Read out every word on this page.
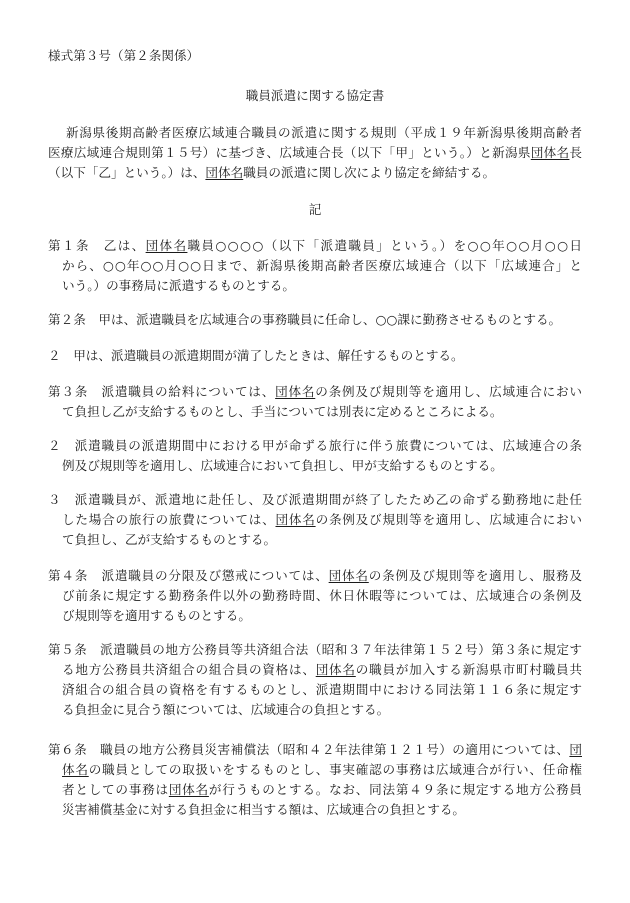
様式第３号（第２条関係）
職員派遣に関する協定書
新潟県後期高齢者医療広域連合職員の派遣に関する規則（平成１９年新潟県後期高齢者
医療広域連合規則第１５号）に基づき、広域連合長（以下「甲」という。）と新潟県団体名長
（以下「乙」という。）は、団体名職員の派遣に関し次により協定を締結する。
記
第１条　乙は、団体名職員○○○○（以下「派遣職員」という。）を○○年○○月○○日
から、○○年○○月○○日まで、新潟県後期高齢者医療広域連合（以下「広域連合」と
いう。）の事務局に派遣するものとする。
第２条　甲は、派遣職員を広域連合の事務職員に任命し、○○課に勤務させるものとする。
２　甲は、派遣職員の派遣期間が満了したときは、解任するものとする。
第３条　派遣職員の給料については、団体名の条例及び規則等を適用し、広域連合におい
て負担し乙が支給するものとし、手当については別表に定めるところによる。
２　派遣職員の派遣期間中における甲が命ずる旅行に伴う旅費については、広域連合の条
例及び規則等を適用し、広域連合において負担し、甲が支給するものとする。
３　派遣職員が、派遣地に赴任し、及び派遣期間が終了したため乙の命ずる勤務地に赴任
した場合の旅行の旅費については、団体名の条例及び規則等を適用し、広域連合におい
て負担し、乙が支給するものとする。
第４条　派遣職員の分限及び懲戒については、団体名の条例及び規則等を適用し、服務及
び前条に規定する勤務条件以外の勤務時間、休日休暇等については、広域連合の条例及
び規則等を適用するものとする。
第５条　派遣職員の地方公務員等共済組合法（昭和３７年法律第１５２号）第３条に規定す
る地方公務員共済組合の組合員の資格は、団体名の職員が加入する新潟県市町村職員共
済組合の組合員の資格を有するものとし、派遣期間中における同法第１１６条に規定す
る負担金に見合う額については、広域連合の負担とする。
第６条　職員の地方公務員災害補償法（昭和４２年法律第１２１号）の適用については、団
体名の職員としての取扱いをするものとし、事実確認の事務は広域連合が行い、任命権
者としての事務は団体名が行うものとする。なお、同法第４９条に規定する地方公務員
災害補償基金に対する負担金に相当する額は、広域連合の負担とする。
